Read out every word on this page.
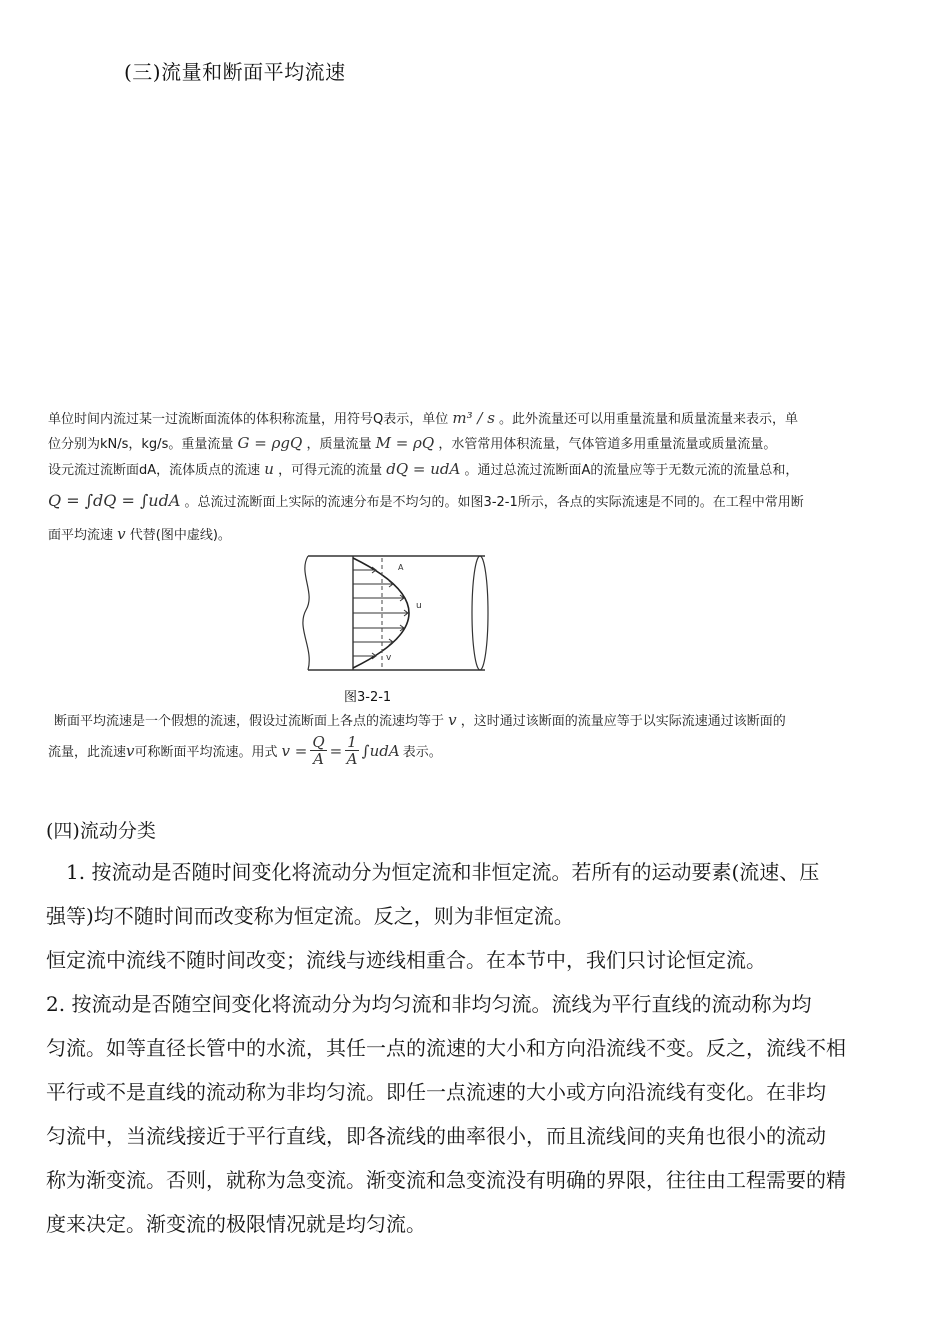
(三)流量和断面平均流速
单位时间内流过某一过流断面流体的体积称流量，用符号Q表示，单位 m³ / s 。此外流量还可以用重量流量和质量流量来表示，单
位分别为kN/s，kg/s。重量流量 G = ρgQ ，质量流量 M = ρQ ，水管常用体积流量，气体管道多用重量流量或质量流量。
设元流过流断面dA，流体质点的流速 u ，可得元流的流量 dQ = udA 。通过总流过流断面A的流量应等于无数元流的流量总和，
Q = ∫dQ = ∫udA 。总流过流断面上实际的流速分布是不均匀的。如图3-2-1所示，各点的实际流速是不同的。在工程中常用断
面平均流速 v 代替(图中虚线)。
A
v
u
图3-2-1
断面平均流速是一个假想的流速，假设过流断面上各点的流速均等于 v ，这时通过该断面的流量应等于以实际流速通过该断面的
流量，此流速 v 可称断面平均流速。用式 $v = \frac{Q}{A} = \frac{1}{A} \int udA$ 表示。
(四)流动分类
1. 按流动是否随时间变化将流动分为恒定流和非恒定流。若所有的运动要素(流速、压
强等)均不随时间而改变称为恒定流。反之，则为非恒定流。
恒定流中流线不随时间改变；流线与迹线相重合。在本节中，我们只讨论恒定流。
2. 按流动是否随空间变化将流动分为均匀流和非均匀流。流线为平行直线的流动称为均
匀流。如等直径长管中的水流，其任一点的流速的大小和方向沿流线不变。反之，流线不相
平行或不是直线的流动称为非均匀流。即任一点流速的大小或方向沿流线有变化。在非均
匀流中，当流线接近于平行直线，即各流线的曲率很小，而且流线间的夹角也很小的流动
称为渐变流。否则，就称为急变流。渐变流和急变流没有明确的界限，往往由工程需要的精
度来决定。渐变流的极限情况就是均匀流。
